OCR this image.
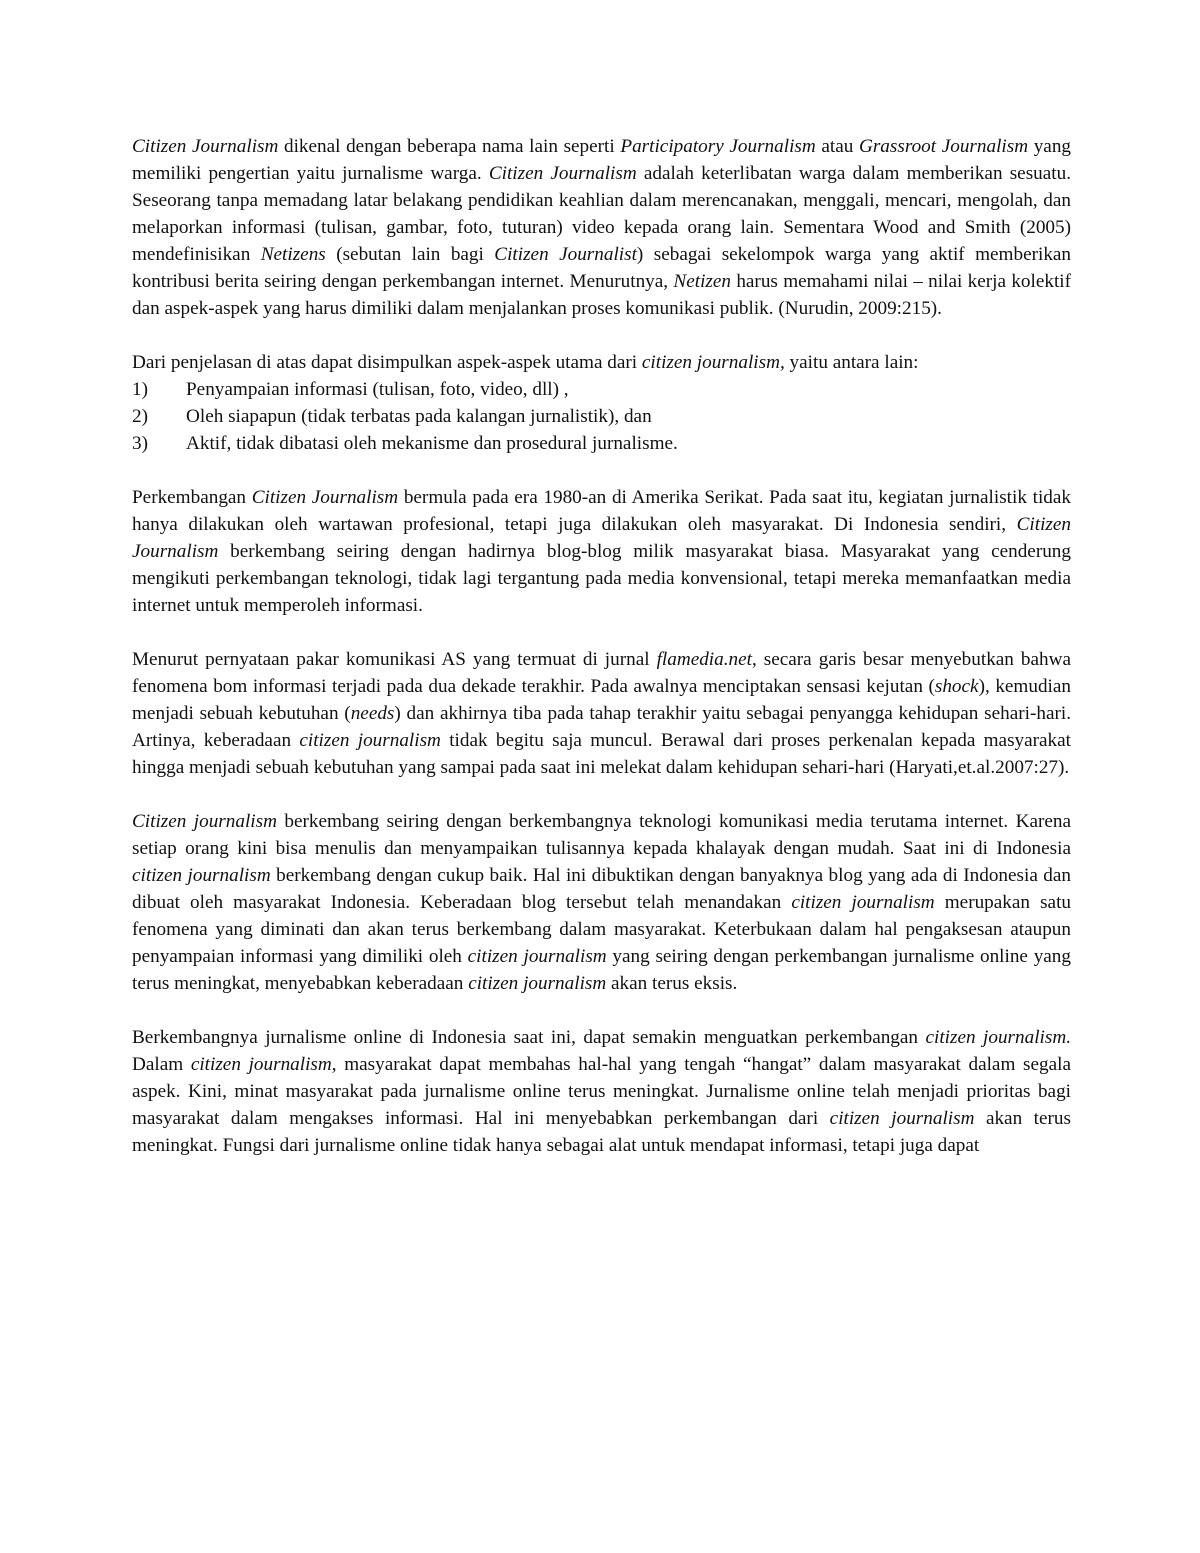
Citizen Journalism dikenal dengan beberapa nama lain seperti Participatory Journalism atau Grassroot Journalism yang memiliki pengertian yaitu jurnalisme warga. Citizen Journalism adalah keterlibatan warga dalam memberikan sesuatu. Seseorang tanpa memadang latar belakang pendidikan keahlian dalam merencanakan, menggali, mencari, mengolah, dan melaporkan informasi (tulisan, gambar, foto, tuturan) video kepada orang lain. Sementara Wood and Smith (2005) mendefinisikan Netizens (sebutan lain bagi Citizen Journalist) sebagai sekelompok warga yang aktif memberikan kontribusi berita seiring dengan perkembangan internet. Menurutnya, Netizen harus memahami nilai – nilai kerja kolektif dan aspek-aspek yang harus dimiliki dalam menjalankan proses komunikasi publik. (Nurudin, 2009:215).

Dari penjelasan di atas dapat disimpulkan aspek-aspek utama dari citizen journalism, yaitu antara lain:

1)	Penyampaian informasi (tulisan, foto, video, dll) ,
2)	Oleh siapapun (tidak terbatas pada kalangan jurnalistik), dan
3)	Aktif, tidak dibatasi oleh mekanisme dan prosedural jurnalisme.

Perkembangan Citizen Journalism bermula pada era 1980-an di Amerika Serikat. Pada saat itu, kegiatan jurnalistik tidak hanya dilakukan oleh wartawan profesional, tetapi juga dilakukan oleh masyarakat. Di Indonesia sendiri, Citizen Journalism berkembang seiring dengan hadirnya blog-blog milik masyarakat biasa. Masyarakat yang cenderung mengikuti perkembangan teknologi, tidak lagi tergantung pada media konvensional, tetapi mereka memanfaatkan media internet untuk memperoleh informasi.

Menurut pernyataan pakar komunikasi AS yang termuat di jurnal flamedia.net, secara garis besar menyebutkan bahwa fenomena bom informasi terjadi pada dua dekade terakhir. Pada awalnya menciptakan sensasi kejutan (shock), kemudian menjadi sebuah kebutuhan (needs) dan akhirnya tiba pada tahap terakhir yaitu sebagai penyangga kehidupan sehari-hari. Artinya, keberadaan citizen journalism tidak begitu saja muncul. Berawal dari proses perkenalan kepada masyarakat hingga menjadi sebuah kebutuhan yang sampai pada saat ini melekat dalam kehidupan sehari-hari (Haryati,et.al.2007:27).

Citizen journalism berkembang seiring dengan berkembangnya teknologi komunikasi media terutama internet. Karena setiap orang kini bisa menulis dan menyampaikan tulisannya kepada khalayak dengan mudah. Saat ini di Indonesia citizen journalism berkembang dengan cukup baik. Hal ini dibuktikan dengan banyaknya blog yang ada di Indonesia dan dibuat oleh masyarakat Indonesia. Keberadaan blog tersebut telah menandakan citizen journalism merupakan satu fenomena yang diminati dan akan terus berkembang dalam masyarakat. Keterbukaan dalam hal pengaksesan ataupun penyampaian informasi yang dimiliki oleh citizen journalism yang seiring dengan perkembangan jurnalisme online yang terus meningkat, menyebabkan keberadaan citizen journalism akan terus eksis.

Berkembangnya jurnalisme online di Indonesia saat ini, dapat semakin menguatkan perkembangan citizen journalism. Dalam citizen journalism, masyarakat dapat membahas hal-hal yang tengah “hangat” dalam masyarakat dalam segala aspek. Kini, minat masyarakat pada jurnalisme online terus meningkat. Jurnalisme online telah menjadi prioritas bagi masyarakat dalam mengakses informasi. Hal ini menyebabkan perkembangan dari citizen journalism akan terus meningkat. Fungsi dari jurnalisme online tidak hanya sebagai alat untuk mendapat informasi, tetapi juga dapat
